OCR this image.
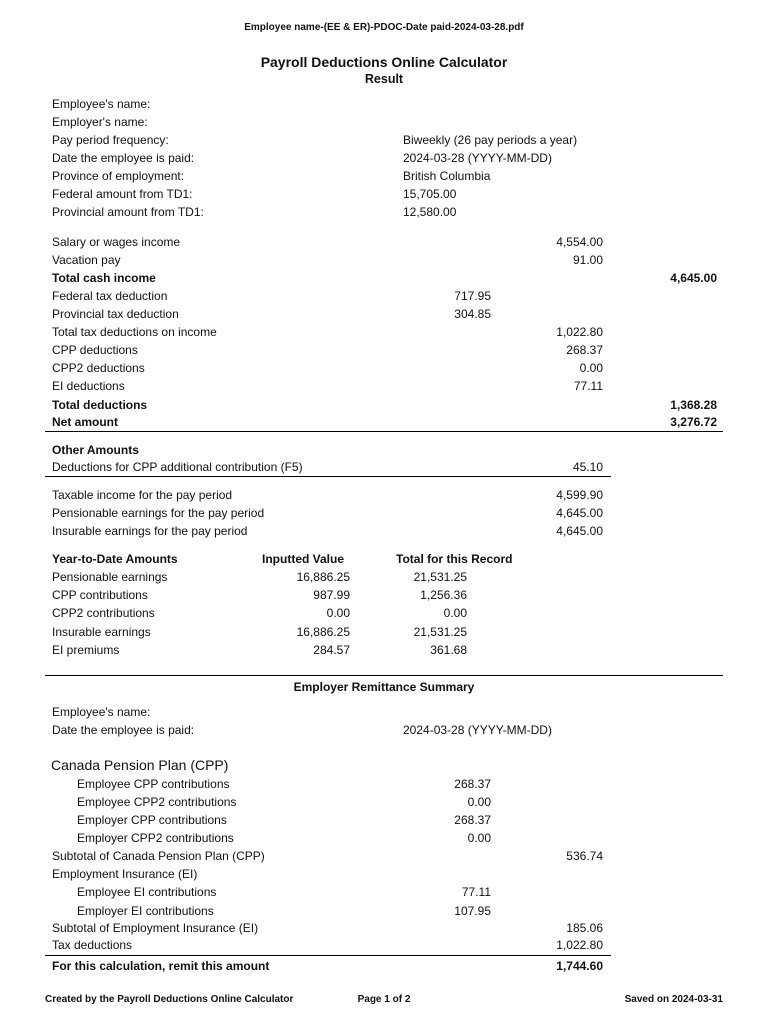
Employee name-(EE & ER)-PDOC-Date paid-2024-03-28.pdf
Payroll Deductions Online Calculator
Result
Employee's name:
Employer's name:
Pay period frequency:	Biweekly (26 pay periods a year)
Date the employee is paid:	2024-03-28 (YYYY-MM-DD)
Province of employment:	British Columbia
Federal amount from TD1:	15,705.00
Provincial amount from TD1:	12,580.00
Salary or wages income	4,554.00
Vacation pay	91.00
Total cash income	4,645.00
Federal tax deduction	717.95
Provincial tax deduction	304.85
Total tax deductions on income	1,022.80
CPP deductions	268.37
CPP2 deductions	0.00
EI deductions	77.11
Total deductions	1,368.28
Net amount	3,276.72
Other Amounts
Deductions for CPP additional contribution (F5)	45.10
Taxable income for the pay period	4,599.90
Pensionable earnings for the pay period	4,645.00
Insurable earnings for the pay period	4,645.00
Year-to-Date Amounts	Inputted Value	Total for this Record
Pensionable earnings	16,886.25	21,531.25
CPP contributions	987.99	1,256.36
CPP2 contributions	0.00	0.00
Insurable earnings	16,886.25	21,531.25
EI premiums	284.57	361.68
Employer Remittance Summary
Employee's name:
Date the employee is paid:	2024-03-28 (YYYY-MM-DD)
Canada Pension Plan (CPP)
Employee CPP contributions	268.37
Employee CPP2 contributions	0.00
Employer CPP contributions	268.37
Employer CPP2 contributions	0.00
Subtotal of Canada Pension Plan (CPP)	536.74
Employment Insurance (EI)
Employee EI contributions	77.11
Employer EI contributions	107.95
Subtotal of Employment Insurance (EI)	185.06
Tax deductions	1,022.80
For this calculation, remit this amount	1,744.60
Created by the Payroll Deductions Online Calculator	Page 1 of 2	Saved on 2024-03-31
